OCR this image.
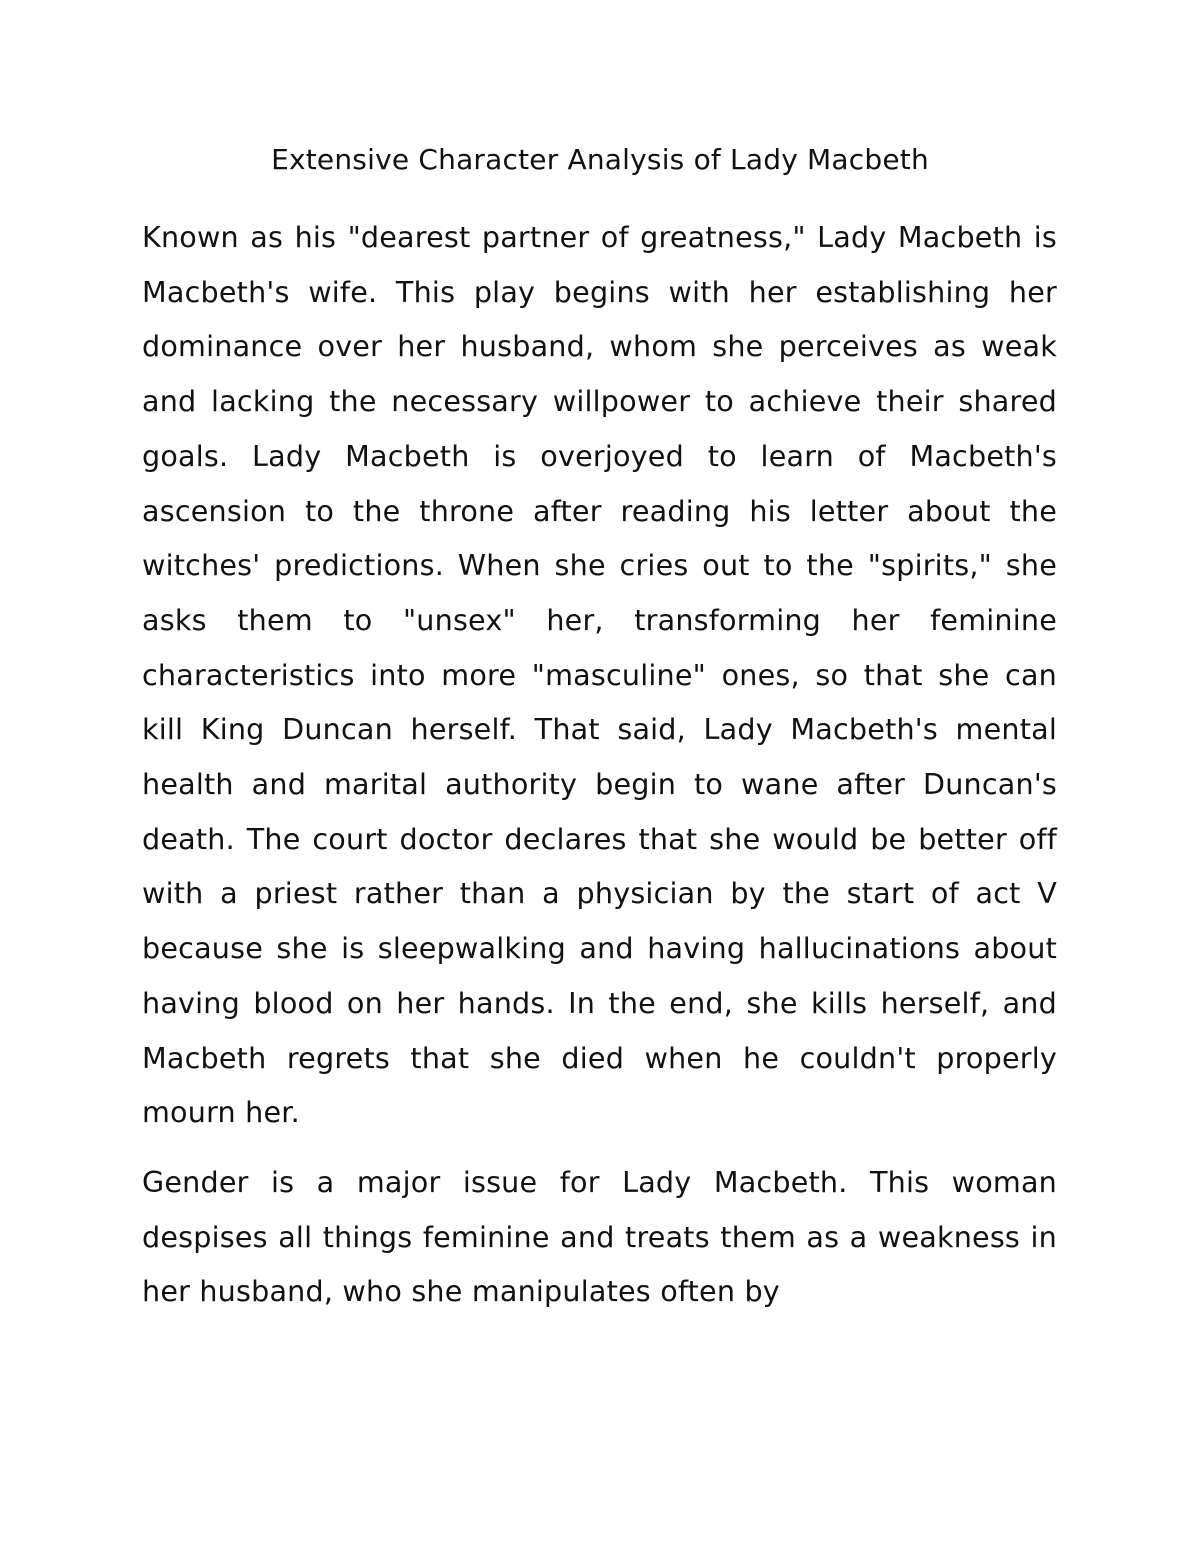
Extensive Character Analysis of Lady Macbeth

Known as his "dearest partner of greatness," Lady Macbeth is Macbeth's wife. This play begins with her establishing her dominance over her husband, whom she perceives as weak and lacking the necessary willpower to achieve their shared goals. Lady Macbeth is overjoyed to learn of Macbeth's ascension to the throne after reading his letter about the witches' predictions. When she cries out to the "spirits," she asks them to "unsex" her, transforming her feminine characteristics into more "masculine" ones, so that she can kill King Duncan herself. That said, Lady Macbeth's mental health and marital authority begin to wane after Duncan's death. The court doctor declares that she would be better off with a priest rather than a physician by the start of act V because she is sleepwalking and having hallucinations about having blood on her hands. In the end, she kills herself, and Macbeth regrets that she died when he couldn't properly mourn her.

Gender is a major issue for Lady Macbeth. This woman despises all things feminine and treats them as a weakness in her husband, who she manipulates often by
